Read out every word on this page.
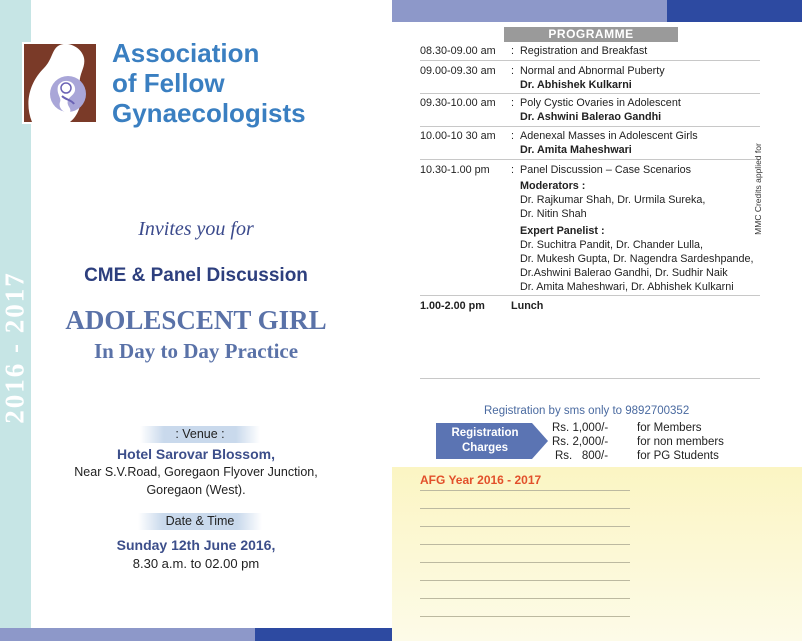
2016 - 2017
Association
of Fellow
Gynaecologists
Invites you for
CME & Panel Discussion
ADOLESCENT GIRL
In Day to Day Practice
: Venue :
Hotel Sarovar Blossom,
Near S.V.Road, Goregaon Flyover Junction,
Goregaon (West).
Date & Time
Sunday 12th June 2016,
8.30 a.m. to 02.00 pm
PROGRAMME
08.30-09.00 am : Registration and Breakfast
09.00-09.30 am : Normal and Abnormal Puberty
Dr. Abhishek Kulkarni
09.30-10.00 am : Poly Cystic Ovaries in Adolescent
Dr. Ashwini Balerao Gandhi
10.00-10 30 am : Adenexal Masses in Adolescent Girls
Dr. Amita Maheshwari
10.30-1.00 pm : Panel Discussion – Case Scenarios
Moderators :
Dr. Rajkumar Shah, Dr. Urmila Sureka,
Dr. Nitin Shah
Expert Panelist :
Dr. Suchitra Pandit, Dr. Chander Lulla,
Dr. Mukesh Gupta, Dr. Nagendra Sardeshpande,
Dr.Ashwini Balerao Gandhi, Dr. Sudhir Naik
Dr. Amita Maheshwari, Dr. Abhishek Kulkarni
MMC Credits applied for
1.00-2.00 pm Lunch
Registration by sms only to 9892700352
Registration
Charges
Rs. 1,000/-	for Members
Rs. 2,000/-	for non members
Rs.   800/-	for PG Students
AFG Year 2016 - 2017
